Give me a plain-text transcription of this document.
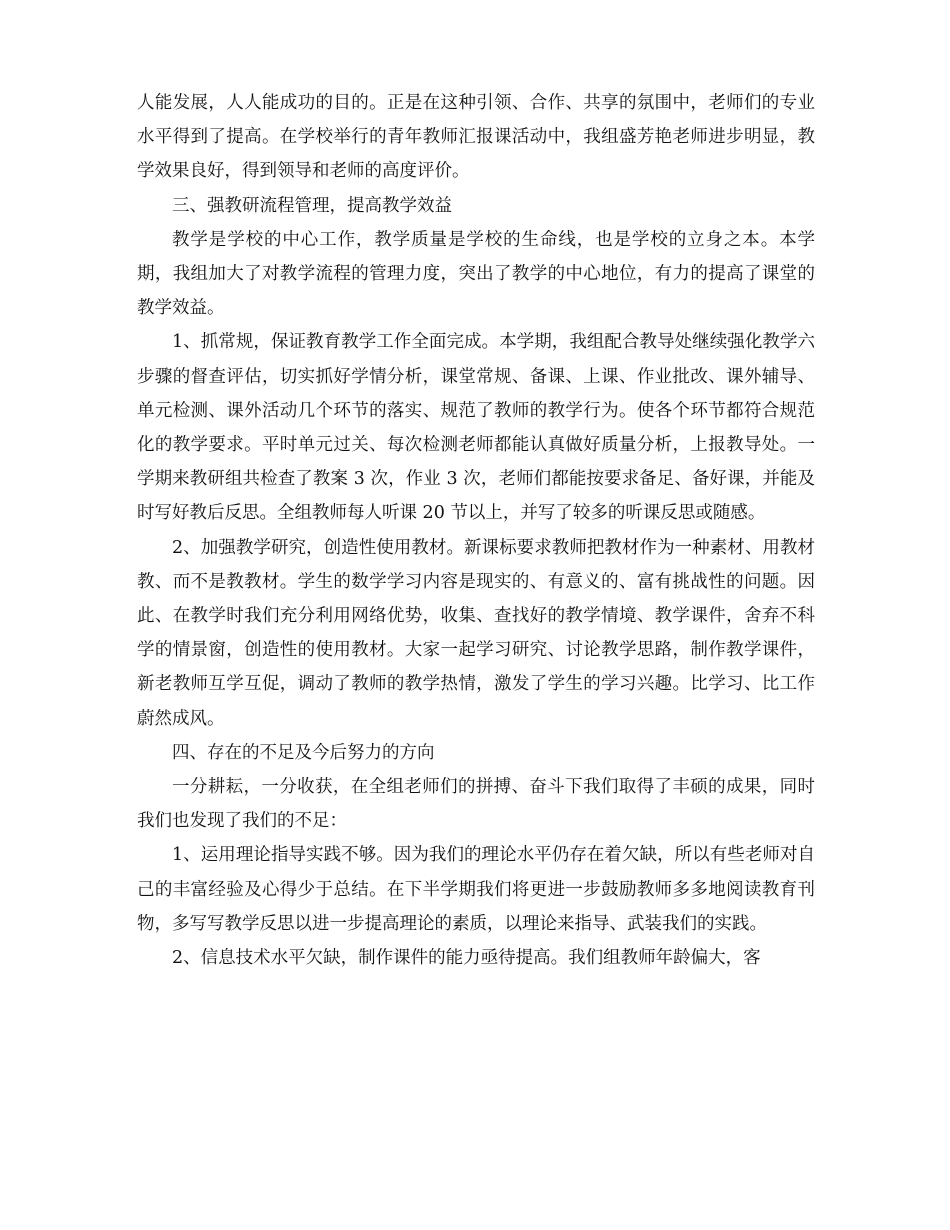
人能发展，人人能成功的目的。正是在这种引领、合作、共享的氛围中，老师们的专业水平得到了提高。在学校举行的青年教师汇报课活动中，我组盛芳艳老师进步明显，教学效果良好，得到领导和老师的高度评价。

三、强教研流程管理，提高教学效益

教学是学校的中心工作，教学质量是学校的生命线，也是学校的立身之本。本学期，我组加大了对教学流程的管理力度，突出了教学的中心地位，有力的提高了课堂的教学效益。

1、抓常规，保证教育教学工作全面完成。本学期，我组配合教导处继续强化教学六步骤的督查评估，切实抓好学情分析，课堂常规、备课、上课、作业批改、课外辅导、单元检测、课外活动几个环节的落实、规范了教师的教学行为。使各个环节都符合规范化的教学要求。平时单元过关、每次检测老师都能认真做好质量分析，上报教导处。一学期来教研组共检查了教案 3 次，作业 3 次，老师们都能按要求备足、备好课，并能及时写好教后反思。全组教师每人听课 20 节以上，并写了较多的听课反思或随感。

2、加强教学研究，创造性使用教材。新课标要求教师把教材作为一种素材、用教材教、而不是教教材。学生的数学学习内容是现实的、有意义的、富有挑战性的问题。因此、在教学时我们充分利用网络优势，收集、查找好的教学情境、教学课件，舍弃不科学的情景窗，创造性的使用教材。大家一起学习研究、讨论教学思路，制作教学课件，新老教师互学互促，调动了教师的教学热情，激发了学生的学习兴趣。比学习、比工作蔚然成风。

四、存在的不足及今后努力的方向

一分耕耘，一分收获，在全组老师们的拼搏、奋斗下我们取得了丰硕的成果，同时我们也发现了我们的不足：

1、运用理论指导实践不够。因为我们的理论水平仍存在着欠缺，所以有些老师对自己的丰富经验及心得少于总结。在下半学期我们将更进一步鼓励教师多多地阅读教育刊物，多写写教学反思以进一步提高理论的素质，以理论来指导、武装我们的实践。

2、信息技术水平欠缺，制作课件的能力亟待提高。我们组教师年龄偏大，客
